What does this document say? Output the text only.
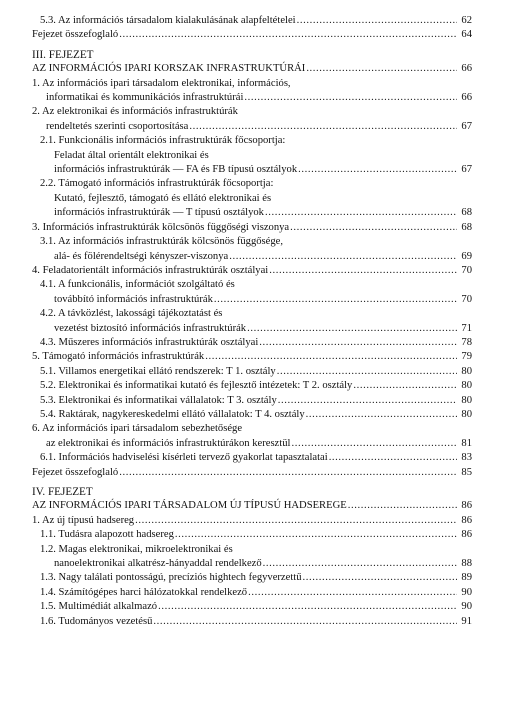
5.3. Az információs társadalom kialakulásának alapfeltételei .....	62
Fejezet összefoglaló .....	64
III. FEJEZET
AZ INFORMÁCIÓS IPARI KORSZAK INFRASTRUKTÚRÁI .....	66
1. Az információs ipari társadalom elektronikai, információs,
informatikai és kommunikációs infrastruktúrái .....	66
2. Az elektronikai és információs infrastruktúrák
rendeltetés szerinti csoportosítása .....	67
2.1. Funkcionális információs infrastruktúrák főcsoportja:
Feladat által orientált elektronikai és
információs infrastruktúrák — FA és FB típusú osztályok .....	67
2.2. Támogató információs infrastruktúrák főcsoportja:
Kutató, fejlesztő, támogató és ellátó elektronikai és
információs infrastruktúrák — T típusú osztályok .....	68
3. Információs infrastruktúrák kölcsönös függőségi viszonya .....	68
3.1. Az információs infrastruktúrák kölcsönös függősége,
alá- és fölérendeltségi kényszer-viszonya .....	69
4. Feladatorientált információs infrastruktúrák osztályai .....	70
4.1. A funkcionális, információt szolgáltató és
továbbító információs infrastruktúrák .....	70
4.2. A távközlést, lakossági tájékoztatást és
vezetést biztosító információs infrastruktúrák .....	71
4.3. Műszeres információs infrastruktúrák osztályai .....	78
5. Támogató információs infrastruktúrák .....	79
5.1. Villamos energetikai ellátó rendszerek: T 1. osztály .....	80
5.2. Elektronikai és informatikai kutató és fejlesztő intézetek: T 2. osztály .....	80
5.3. Elektronikai és informatikai vállalatok: T 3. osztály .....	80
5.4. Raktárak, nagykereskedelmi ellátó vállalatok: T 4. osztály .....	80
6. Az információs ipari társadalom sebezhetősége
az elektronikai és információs infrastruktúrákon keresztül .....	81
6.1. Információs hadviselési kísérleti tervező gyakorlat tapasztalatai .....	83
Fejezet összefoglaló .....	85
IV. FEJEZET
AZ INFORMÁCIÓS IPARI TÁRSADALOM ÚJ TÍPUSÚ HADSEREGE .....	86
1. Az új típusú hadsereg .....	86
1.1. Tudásra alapozott hadsereg .....	86
1.2. Magas elektronikai, mikroelektronikai és
nanoelektronikai alkatrész-hányaddal rendelkező .....	88
1.3. Nagy találati pontosságú, precíziós hightech fegyverzettű .....	89
1.4. Számítógépes harci hálózatokkal rendelkező .....	90
1.5. Multimédiát alkalmazó .....	90
1.6. Tudományos vezetésű .....	91
